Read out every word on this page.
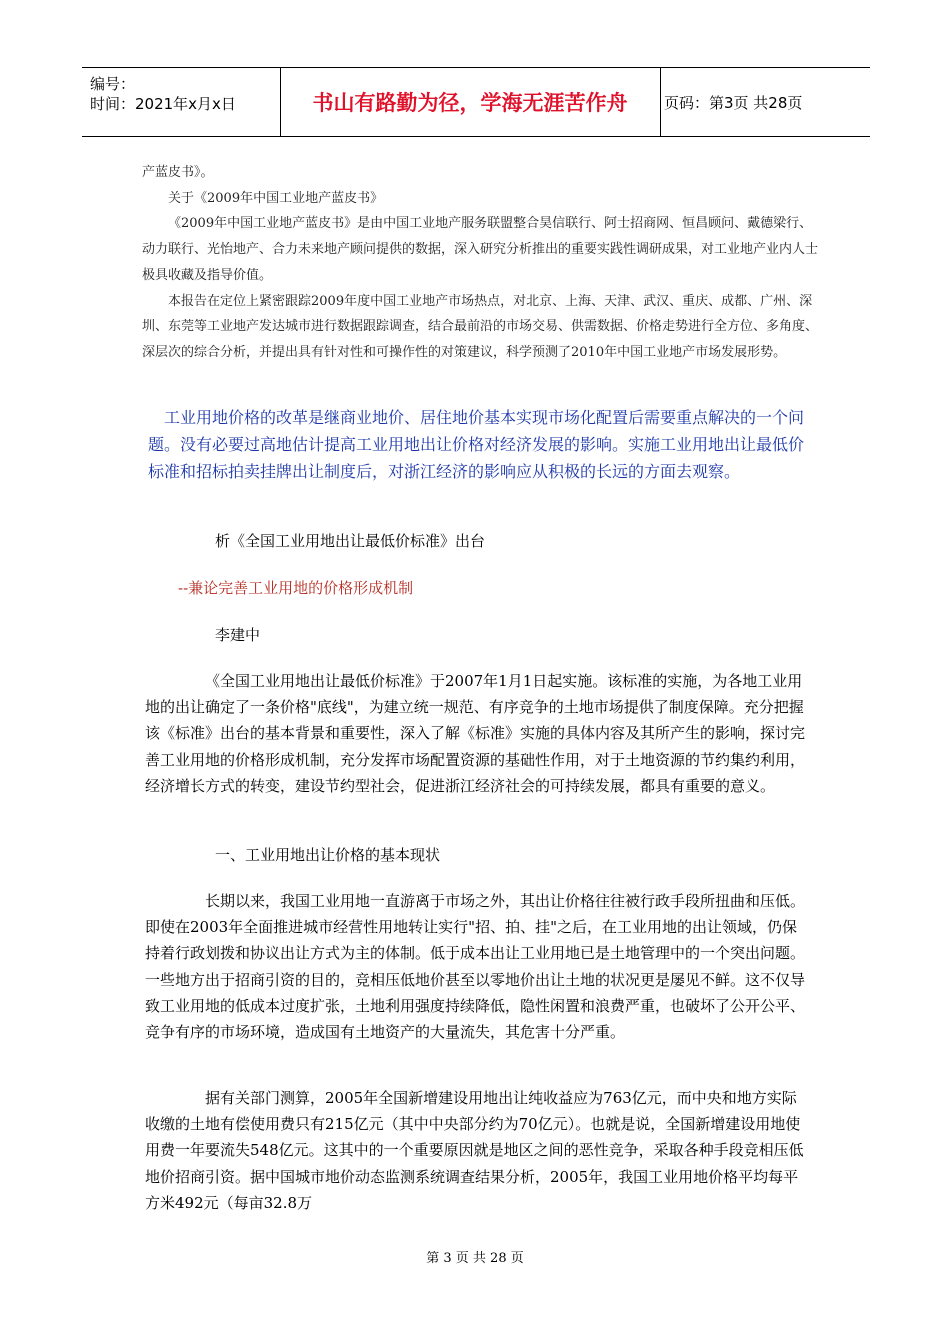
编号：
时间：2021年x月x日	书山有路勤为径，学海无涯苦作舟	页码：第3页 共28页

产蓝皮书》。

关于《2009年中国工业地产蓝皮书》

《2009年中国工业地产蓝皮书》是由中国工业地产服务联盟整合昊信联行、阿士招商网、恒昌顾问、戴德梁行、动力联行、光怡地产、合力未来地产顾问提供的数据，深入研究分析推出的重要实践性调研成果，对工业地产业内人士极具收藏及指导价值。

本报告在定位上紧密跟踪2009年度中国工业地产市场热点，对北京、上海、天津、武汉、重庆、成都、广州、深圳、东莞等工业地产发达城市进行数据跟踪调查，结合最前沿的市场交易、供需数据、价格走势进行全方位、多角度、深层次的综合分析，并提出具有针对性和可操作性的对策建议，科学预测了2010年中国工业地产市场发展形势。

工业用地价格的改革是继商业地价、居住地价基本实现市场化配置后需要重点解决的一个问题。没有必要过高地估计提高工业用地出让价格对经济发展的影响。实施工业用地出让最低价标准和招标拍卖挂牌出让制度后，对浙江经济的影响应从积极的长远的方面去观察。

析《全国工业用地出让最低价标准》出台

--兼论完善工业用地的价格形成机制

李建中

《全国工业用地出让最低价标准》于2007年1月1日起实施。该标准的实施，为各地工业用地的出让确定了一条价格"底线"，为建立统一规范、有序竞争的土地市场提供了制度保障。充分把握该《标准》出台的基本背景和重要性，深入了解《标准》实施的具体内容及其所产生的影响，探讨完善工业用地的价格形成机制，充分发挥市场配置资源的基础性作用，对于土地资源的节约集约利用，经济增长方式的转变，建设节约型社会，促进浙江经济社会的可持续发展，都具有重要的意义。

一、工业用地出让价格的基本现状

长期以来，我国工业用地一直游离于市场之外，其出让价格往往被行政手段所扭曲和压低。即使在2003年全面推进城市经营性用地转让实行"招、拍、挂"之后，在工业用地的出让领域，仍保持着行政划拨和协议出让方式为主的体制。低于成本出让工业用地已是土地管理中的一个突出问题。一些地方出于招商引资的目的，竞相压低地价甚至以零地价出让土地的状况更是屡见不鲜。这不仅导致工业用地的低成本过度扩张，土地利用强度持续降低，隐性闲置和浪费严重，也破坏了公开公平、竞争有序的市场环境，造成国有土地资产的大量流失，其危害十分严重。

据有关部门测算，2005年全国新增建设用地出让纯收益应为763亿元，而中央和地方实际收缴的土地有偿使用费只有215亿元（其中中央部分约为70亿元）。也就是说，全国新增建设用地使用费一年要流失548亿元。这其中的一个重要原因就是地区之间的恶性竞争，采取各种手段竞相压低地价招商引资。据中国城市地价动态监测系统调查结果分析，2005年，我国工业用地价格平均每平方米492元（每亩32.8万

第 3 页 共 28 页
